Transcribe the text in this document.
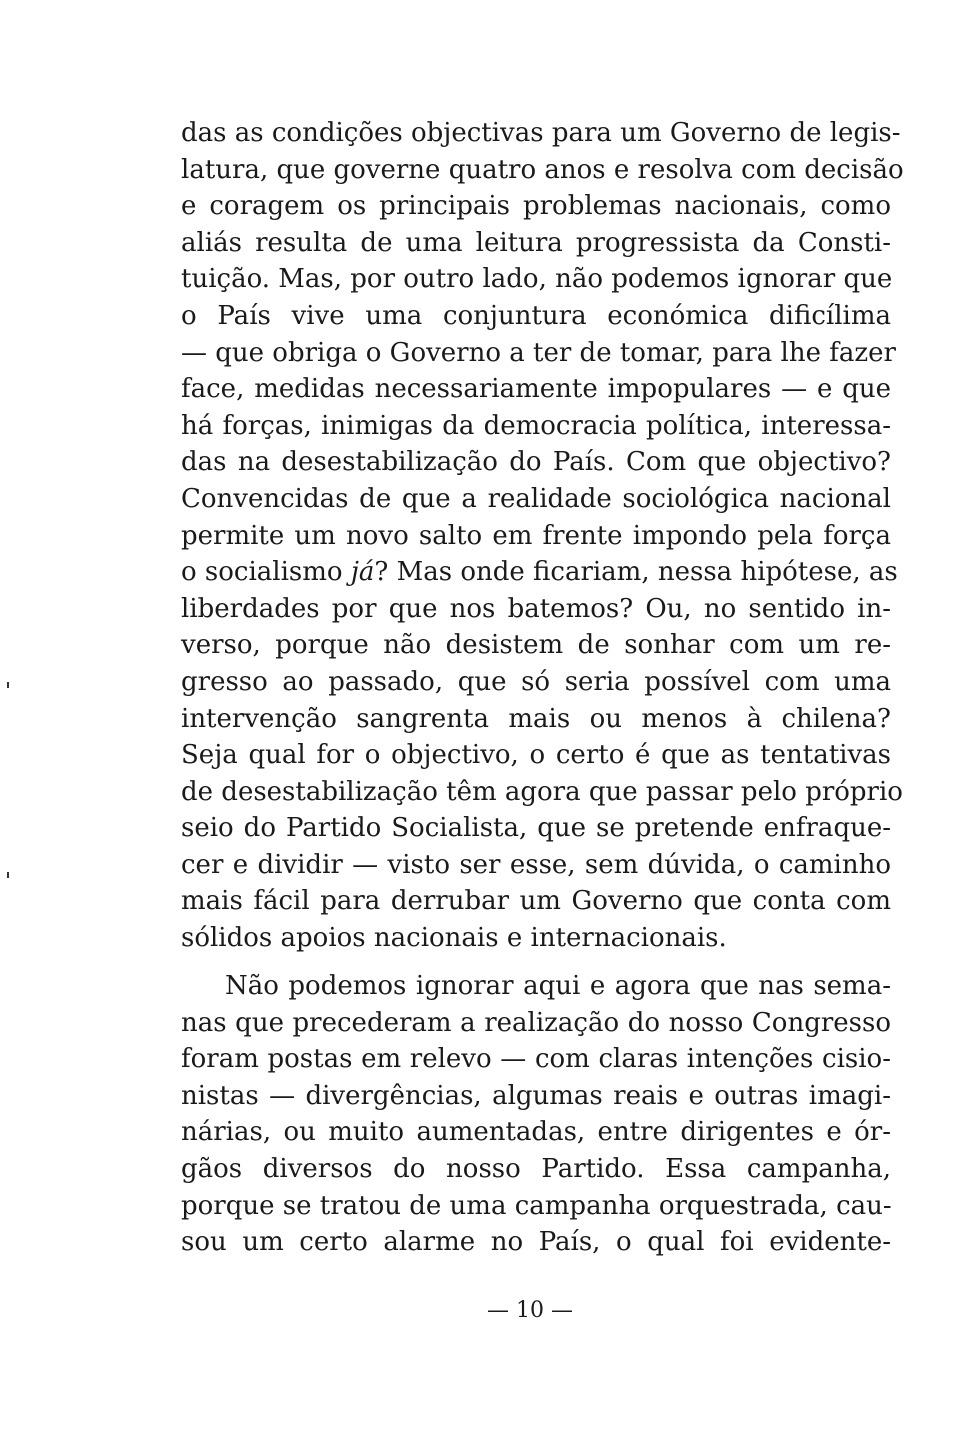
das as condições objectivas para um Governo de legis-
latura, que governe quatro anos e resolva com decisão
e coragem os principais problemas nacionais, como
aliás resulta de uma leitura progressista da Consti-
tuição. Mas, por outro lado, não podemos ignorar que
o País vive uma conjuntura económica dificílima
— que obriga o Governo a ter de tomar, para lhe fazer
face, medidas necessariamente impopulares — e que
há forças, inimigas da democracia política, interessa-
das na desestabilização do País. Com que objectivo?
Convencidas de que a realidade sociológica nacional
permite um novo salto em frente impondo pela força
o socialismo já? Mas onde ficariam, nessa hipótese, as
liberdades por que nos batemos? Ou, no sentido in-
verso, porque não desistem de sonhar com um re-
gresso ao passado, que só seria possível com uma
intervenção sangrenta mais ou menos à chilena?
Seja qual for o objectivo, o certo é que as tentativas
de desestabilização têm agora que passar pelo próprio
seio do Partido Socialista, que se pretende enfraque-
cer e dividir — visto ser esse, sem dúvida, o caminho
mais fácil para derrubar um Governo que conta com
sólidos apoios nacionais e internacionais.
Não podemos ignorar aqui e agora que nas sema-
nas que precederam a realização do nosso Congresso
foram postas em relevo — com claras intenções cisio-
nistas — divergências, algumas reais e outras imagi-
nárias, ou muito aumentadas, entre dirigentes e ór-
gãos diversos do nosso Partido. Essa campanha,
porque se tratou de uma campanha orquestrada, cau-
sou um certo alarme no País, o qual foi evidente-
— 10 —
